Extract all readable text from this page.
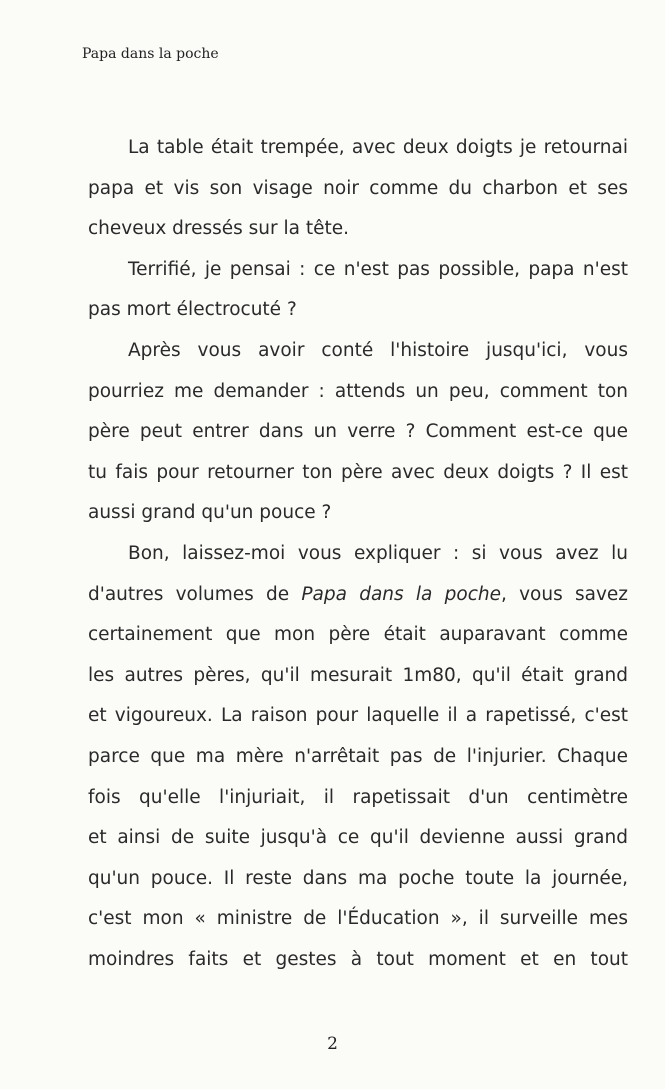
Papa dans la poche
La table était trempée, avec deux doigts je retournai
papa et vis son visage noir comme du charbon et ses
cheveux dressés sur la tête.
Terrifié, je pensai : ce n'est pas possible, papa n'est
pas mort électrocuté ?
Après vous avoir conté l'histoire jusqu'ici, vous
pourriez me demander : attends un peu, comment ton
père peut entrer dans un verre ? Comment est-ce que
tu fais pour retourner ton père avec deux doigts ? Il est
aussi grand qu'un pouce ?
Bon, laissez-moi vous expliquer : si vous avez lu
d'autres volumes de Papa dans la poche, vous savez
certainement que mon père était auparavant comme
les autres pères, qu'il mesurait 1m80, qu'il était grand
et vigoureux. La raison pour laquelle il a rapetissé, c'est
parce que ma mère n'arrêtait pas de l'injurier. Chaque
fois qu'elle l'injuriait, il rapetissait d'un centimètre
et ainsi de suite jusqu'à ce qu'il devienne aussi grand
qu'un pouce. Il reste dans ma poche toute la journée,
c'est mon « ministre de l'Éducation », il surveille mes
moindres faits et gestes à tout moment et en tout
2
